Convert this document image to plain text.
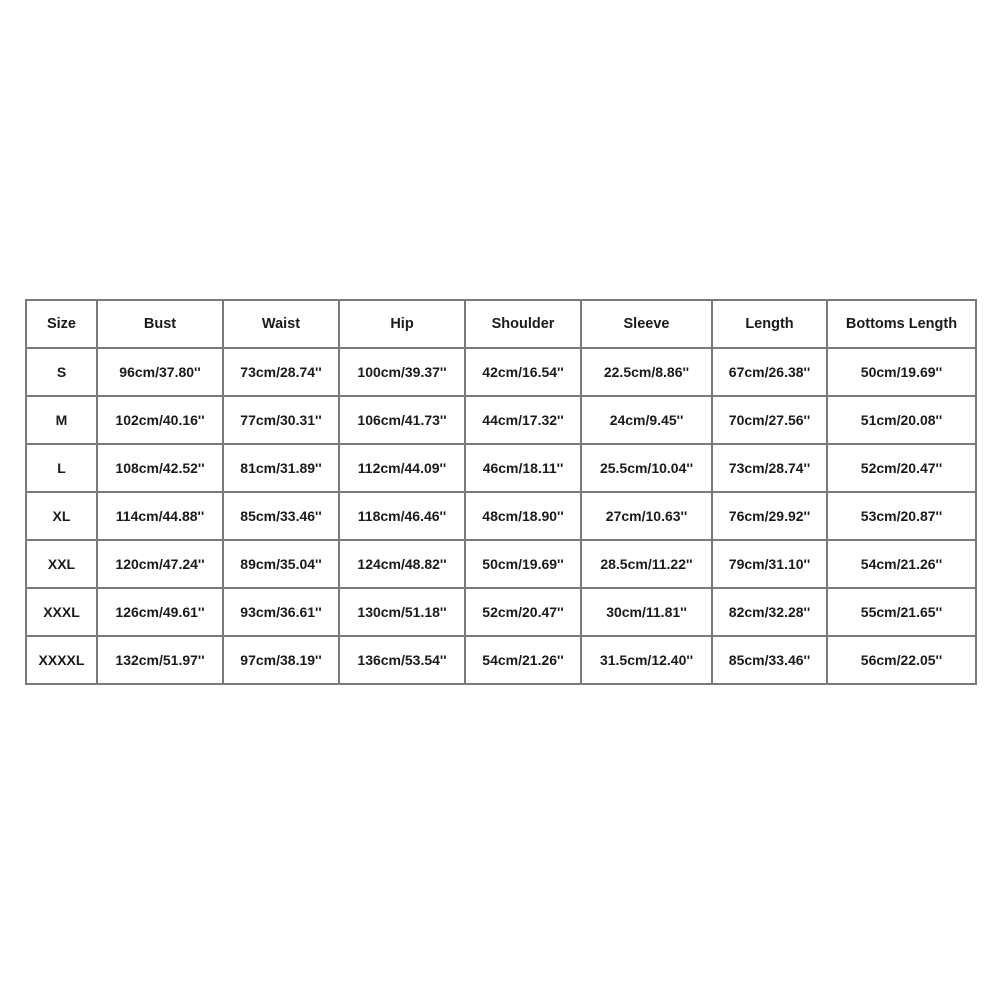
Size	Bust	Waist	Hip	Shoulder	Sleeve	Length	Bottoms Length
S	96cm/37.80''	73cm/28.74''	100cm/39.37''	42cm/16.54''	22.5cm/8.86''	67cm/26.38''	50cm/19.69''
M	102cm/40.16''	77cm/30.31''	106cm/41.73''	44cm/17.32''	24cm/9.45''	70cm/27.56''	51cm/20.08''
L	108cm/42.52''	81cm/31.89''	112cm/44.09''	46cm/18.11''	25.5cm/10.04''	73cm/28.74''	52cm/20.47''
XL	114cm/44.88''	85cm/33.46''	118cm/46.46''	48cm/18.90''	27cm/10.63''	76cm/29.92''	53cm/20.87''
XXL	120cm/47.24''	89cm/35.04''	124cm/48.82''	50cm/19.69''	28.5cm/11.22''	79cm/31.10''	54cm/21.26''
XXXL	126cm/49.61''	93cm/36.61''	130cm/51.18''	52cm/20.47''	30cm/11.81''	82cm/32.28''	55cm/21.65''
XXXXL	132cm/51.97''	97cm/38.19''	136cm/53.54''	54cm/21.26''	31.5cm/12.40''	85cm/33.46''	56cm/22.05''
